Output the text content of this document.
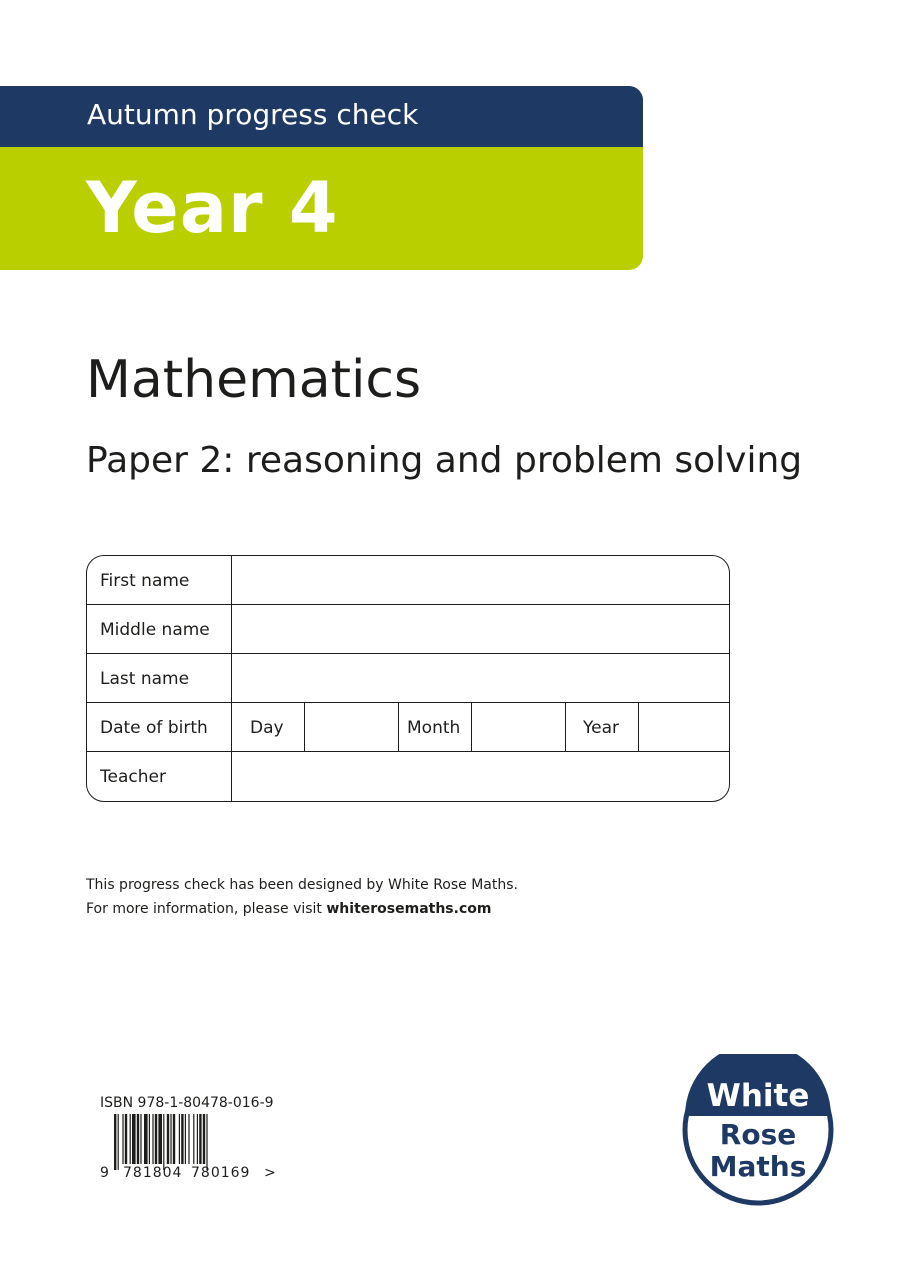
Autumn progress check
Year 4
Mathematics
Paper 2: reasoning and problem solving
First name
Middle name
Last name
Date of birth Day	Month	Year
Teacher
This progress check has been designed by White Rose Maths.
For more information, please visit whiterosemaths.com
ISBN 978-1-80478-016-9
9 781804 780169 >
White
Rose
Maths
